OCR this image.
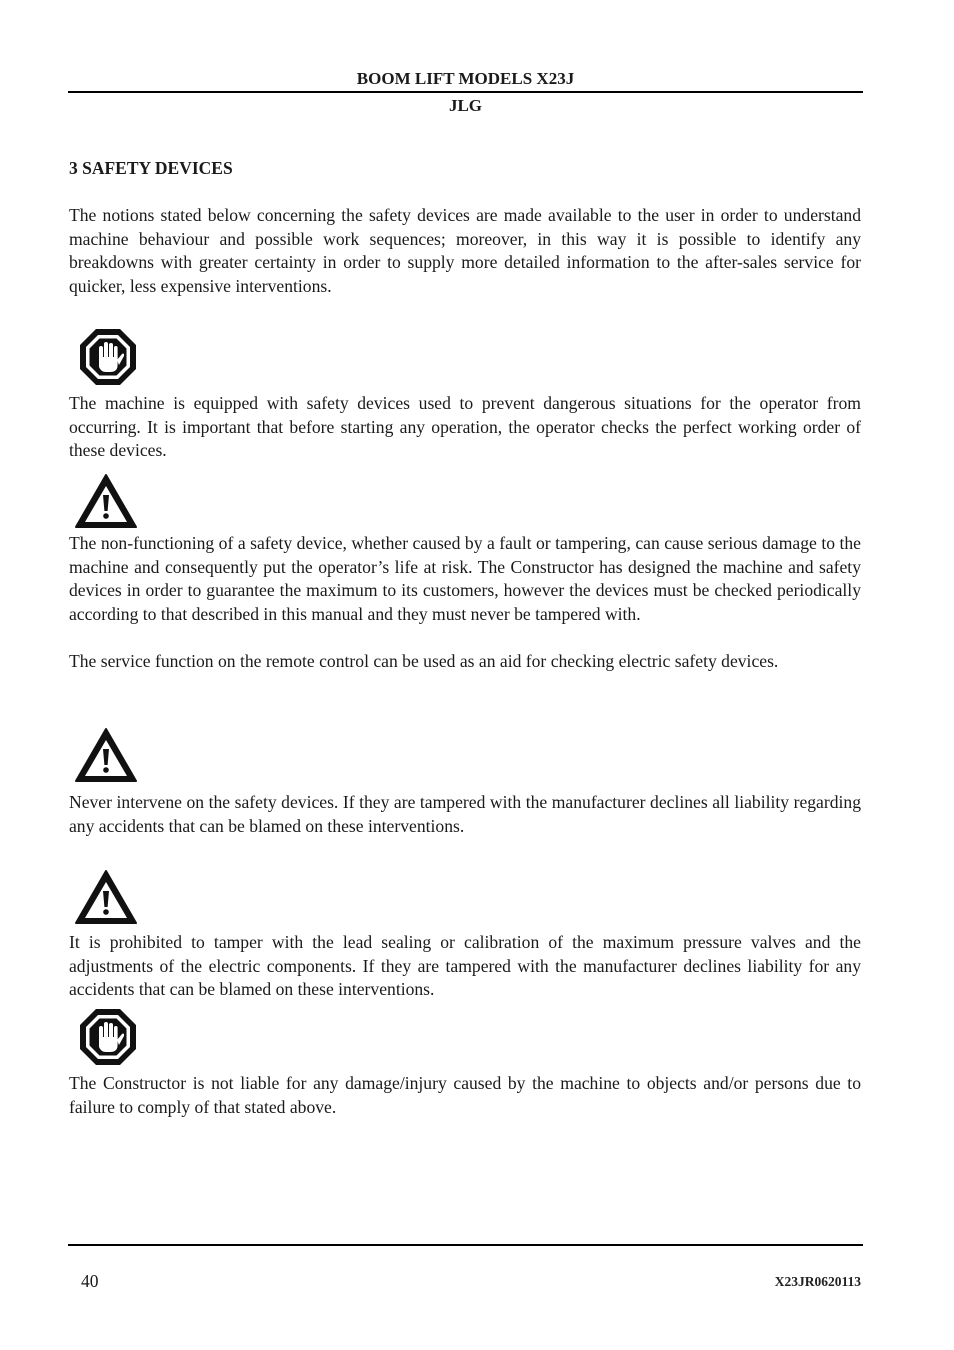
BOOM LIFT MODELS X23J
JLG
3 SAFETY DEVICES

The notions stated below concerning the safety devices are made available to the user in order to understand machine behaviour and possible work sequences; moreover, in this way it is possible to identify any breakdowns with greater certainty in order to supply more detailed information to the after-sales service for quicker, less expensive interventions.

The machine is equipped with safety devices used to prevent dangerous situations for the operator from occurring. It is important that before starting any operation, the operator checks the perfect working order of these devices.

The non-functioning of a safety device, whether caused by a fault or tampering, can cause serious damage to the machine and consequently put the operator’s life at risk. The Constructor has designed the machine and safety devices in order to guarantee the maximum to its customers, however the devices must be checked periodically according to that described in this manual and they must never be tampered with.

The service function on the remote control can be used as an aid for checking electric safety devices.

Never intervene on the safety devices. If they are tampered with the manufacturer declines all liability regarding any accidents that can be blamed on these interventions.

It is prohibited to tamper with the lead sealing or calibration of the maximum pressure valves and the adjustments of the electric components. If they are tampered with the manufacturer declines liability for any accidents that can be blamed on these interventions.

The Constructor is not liable for any damage/injury caused by the machine to objects and/or persons due to failure to comply of that stated above.

40	X23JR0620113
